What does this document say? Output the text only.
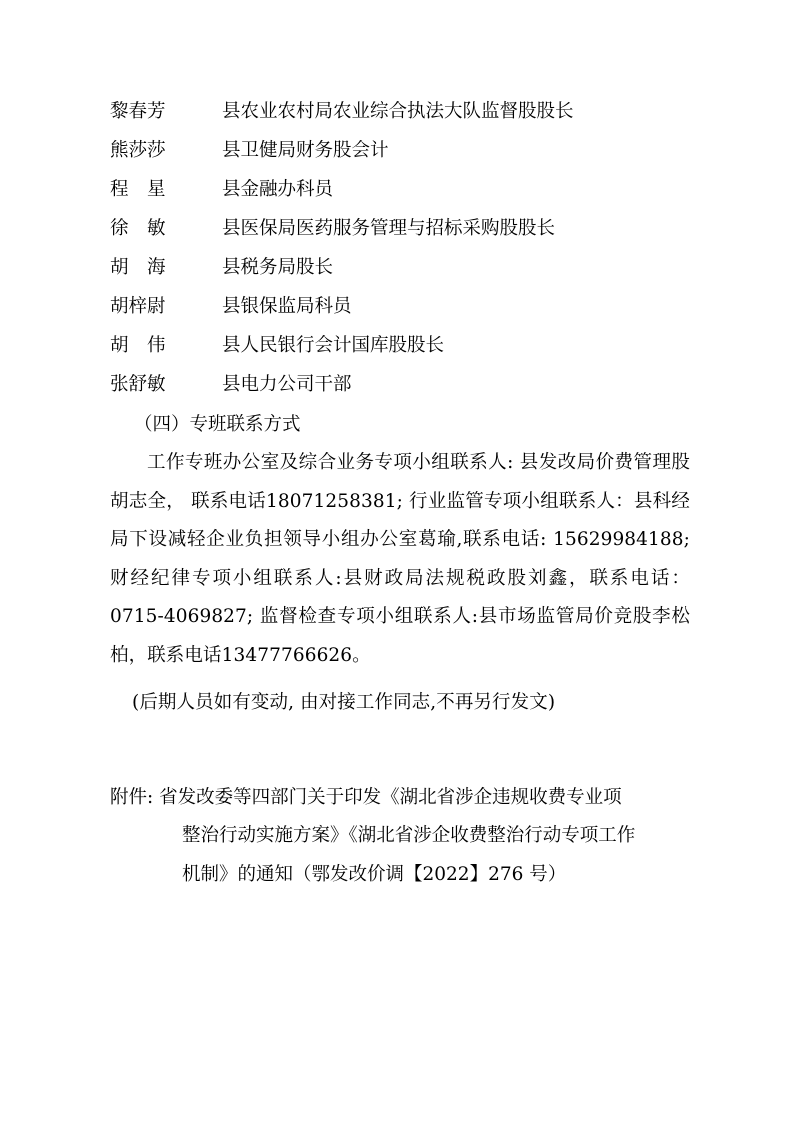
黎春芳	县农业农村局农业综合执法大队监督股股长
熊莎莎	县卫健局财务股会计
程　星	县金融办科员
徐　敏	县医保局医药服务管理与招标采购股股长
胡　海	县税务局股长
胡梓尉	县银保监局科员
胡　伟	县人民银行会计国库股股长
张舒敏	县电力公司干部
（四）专班联系方式

工作专班办公室及综合业务专项小组联系人: 县发改局价费管理股胡志全， 联系电话18071258381; 行业监管专项小组联系人：县科经局下设减轻企业负担领导小组办公室葛瑜,联系电话: 15629984188; 财经纪律专项小组联系人:县财政局法规税政股刘鑫，联系电话：0715-4069827; 监督检查专项小组联系人:县市场监管局价竞股李松柏，联系电话13477766626。

(后期人员如有变动, 由对接工作同志,不再另行发文)

附件: 省发改委等四部门关于印发《湖北省涉企违规收费专业项

整治行动实施方案》《湖北省涉企收费整治行动专项工作

机制》的通知（鄂发改价调【2022】276 号）
